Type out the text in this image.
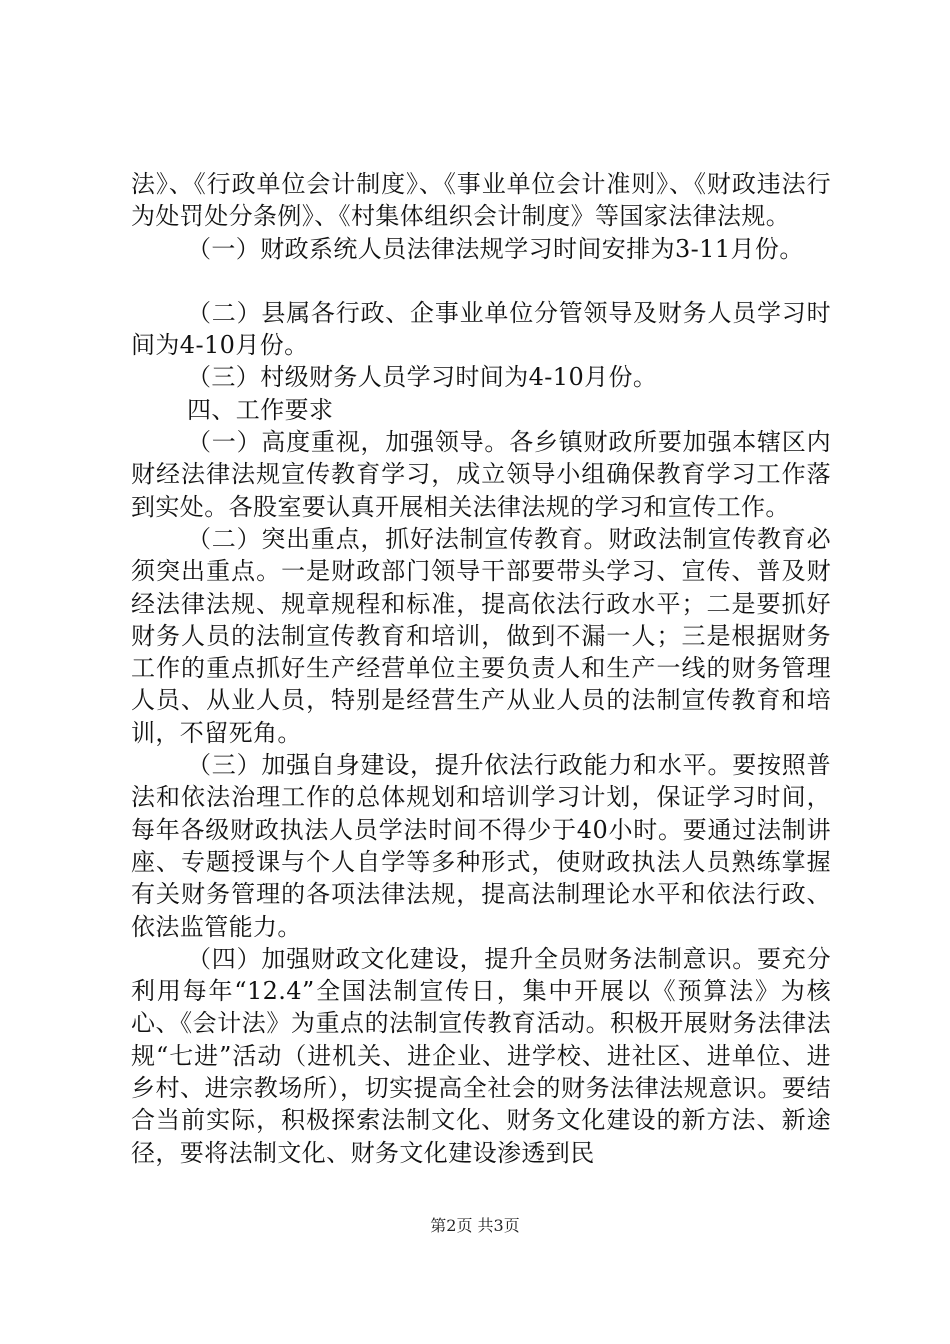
法》、《行政单位会计制度》、《事业单位会计准则》、《财政违法行为处罚处分条例》、《村集体组织会计制度》等国家法律法规。

（一）财政系统人员法律法规学习时间安排为3-11月份。

（二）县属各行政、企事业单位分管领导及财务人员学习时间为4-10月份。

（三）村级财务人员学习时间为4-10月份。

四、工作要求

（一）高度重视，加强领导。各乡镇财政所要加强本辖区内财经法律法规宣传教育学习，成立领导小组确保教育学习工作落到实处。各股室要认真开展相关法律法规的学习和宣传工作。

（二）突出重点，抓好法制宣传教育。财政法制宣传教育必须突出重点。一是财政部门领导干部要带头学习、宣传、普及财经法律法规、规章规程和标准，提高依法行政水平；二是要抓好财务人员的法制宣传教育和培训，做到不漏一人；三是根据财务工作的重点抓好生产经营单位主要负责人和生产一线的财务管理人员、从业人员，特别是经营生产从业人员的法制宣传教育和培训，不留死角。

（三）加强自身建设，提升依法行政能力和水平。要按照普法和依法治理工作的总体规划和培训学习计划，保证学习时间，每年各级财政执法人员学法时间不得少于40小时。要通过法制讲座、专题授课与个人自学等多种形式，使财政执法人员熟练掌握有关财务管理的各项法律法规，提高法制理论水平和依法行政、依法监管能力。

（四）加强财政文化建设，提升全员财务法制意识。要充分利用每年“12.4”全国法制宣传日，集中开展以《预算法》为核心、《会计法》为重点的法制宣传教育活动。积极开展财务法律法规“七进”活动（进机关、进企业、进学校、进社区、进单位、进乡村、进宗教场所），切实提高全社会的财务法律法规意识。要结合当前实际，积极探索法制文化、财务文化建设的新方法、新途径，要将法制文化、财务文化建设渗透到民

第2页 共3页
